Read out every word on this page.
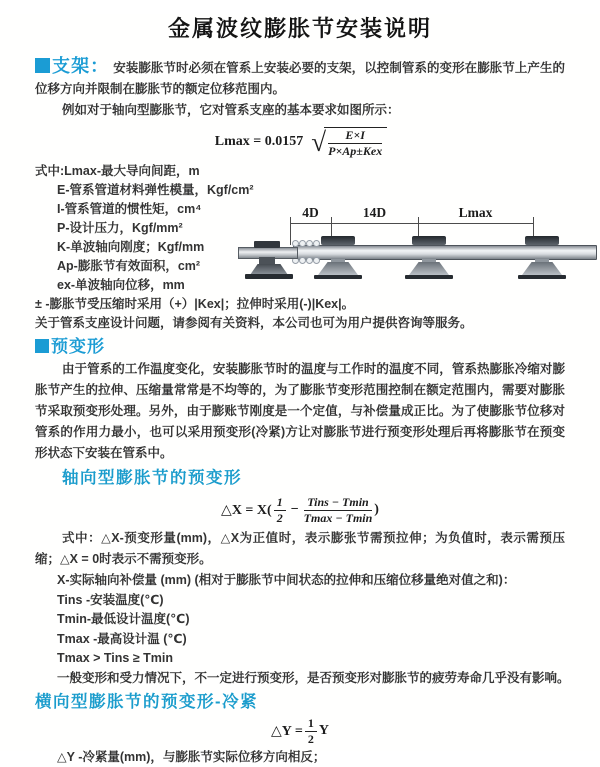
金属波纹膨胀节安装说明

支架： 安装膨胀节时必须在管系上安装必要的支架，以控制管系的变形在膨胀节上产生的位移方向并限制在膨胀节的额定位移范围内。

例如对于轴向型膨胀节，它对管系支座的基本要求如图所示：

Lmax = 0.0157 √ $\frac{E\times I}{\text{P×Ap±Kex}}$
式中:Lmax-最大导向间距，m
E-管系管道材料弹性模量，Kgf/cm²
I-管系管道的惯性矩，cm⁴
P-设计压力，Kgf/mm²
K-单波轴向刚度；Kgf/mm
Ap-膨胀节有效面积，cm²
ex-单波轴向位移，mm
± -膨胀节受压缩时采用（+）|Kex|；拉伸时采用(-)|Kex|。
关于管系支座设计问题，请参阅有关资料，本公司也可为用户提供咨询等服务。
预变形

由于管系的工作温度变化，安装膨胀节时的温度与工作时的温度不同，管系热膨胀冷缩对膨胀节产生的拉伸、压缩量常常是不均等的，为了膨胀节变形范围控制在额定范围内，需要对膨胀节采取预变形处理。另外，由于膨账节刚度是一个定值，与补偿量成正比。为了使膨胀节位移对管系的作用力最小，也可以采用预变形(冷紧)方让对膨胀节进行预变形处理后再将膨胀节在预变形状态下安装在管系中。

轴向型膨胀节的预变形
△X = $X( \frac{1}{2} - \frac{\text{Tins − Tmin}}{Tmax - Tmin}$ )

式中：△X-预变形量(mm)，△X为正值时，表示膨张节需预拉伸；为负值时，表示需预压缩；△X = 0时表示不需预变形。

X-实际轴向补偿量 (mm) (相对于膨胀节中间状态的拉伸和压缩位移量绝对值之和)：
Tins -安装温度(℃)
Tmin-最低设计温度(℃)
Tmax -最高设计温 (℃)
Tmax > Tins ≥ Tmin
一般变形和受力情况下，不一定进行预变形，是否预变形对膨胀节的疲劳寿命几乎没有影响。
横向型膨胀节的预变形-冷紧
△Y = $\frac{1}{2}$ Y
△Y -冷紧量(mm)，与膨胀节实际位移方向相反；
4D	14D	Lmax
